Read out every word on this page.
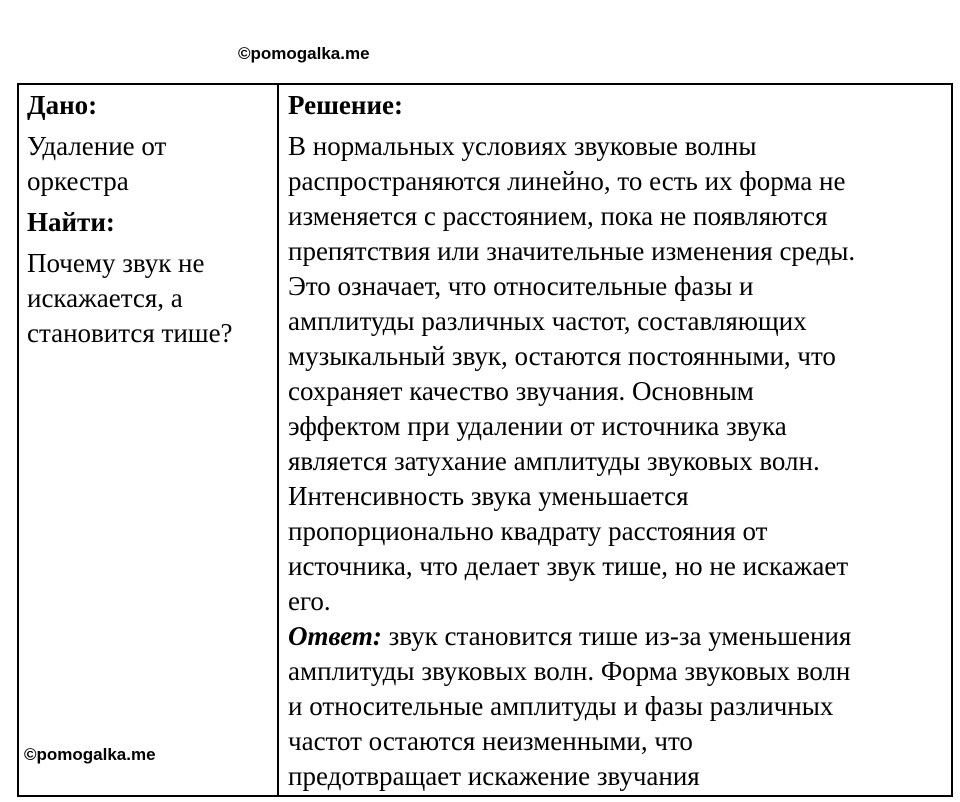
©pomogalka.me
Дано:
Удаление от
оркестра
Найти:
Почему звук не
искажается, а
становится тише?
Решение:
В нормальных условиях звуковые волны
распространяются линейно, то есть их форма не
изменяется с расстоянием, пока не появляются
препятствия или значительные изменения среды.
Это означает, что относительные фазы и
амплитуды различных частот, составляющих
музыкальный звук, остаются постоянными, что
сохраняет качество звучания. Основным
эффектом при удалении от источника звука
является затухание амплитуды звуковых волн.
Интенсивность звука уменьшается
пропорционально квадрату расстояния от
источника, что делает звук тише, но не искажает
его.
Ответ: звук становится тише из-за уменьшения
амплитуды звуковых волн. Форма звуковых волн
и относительные амплитуды и фазы различных
частот остаются неизменными, что
предотвращает искажение звучания
©pomogalka.me
